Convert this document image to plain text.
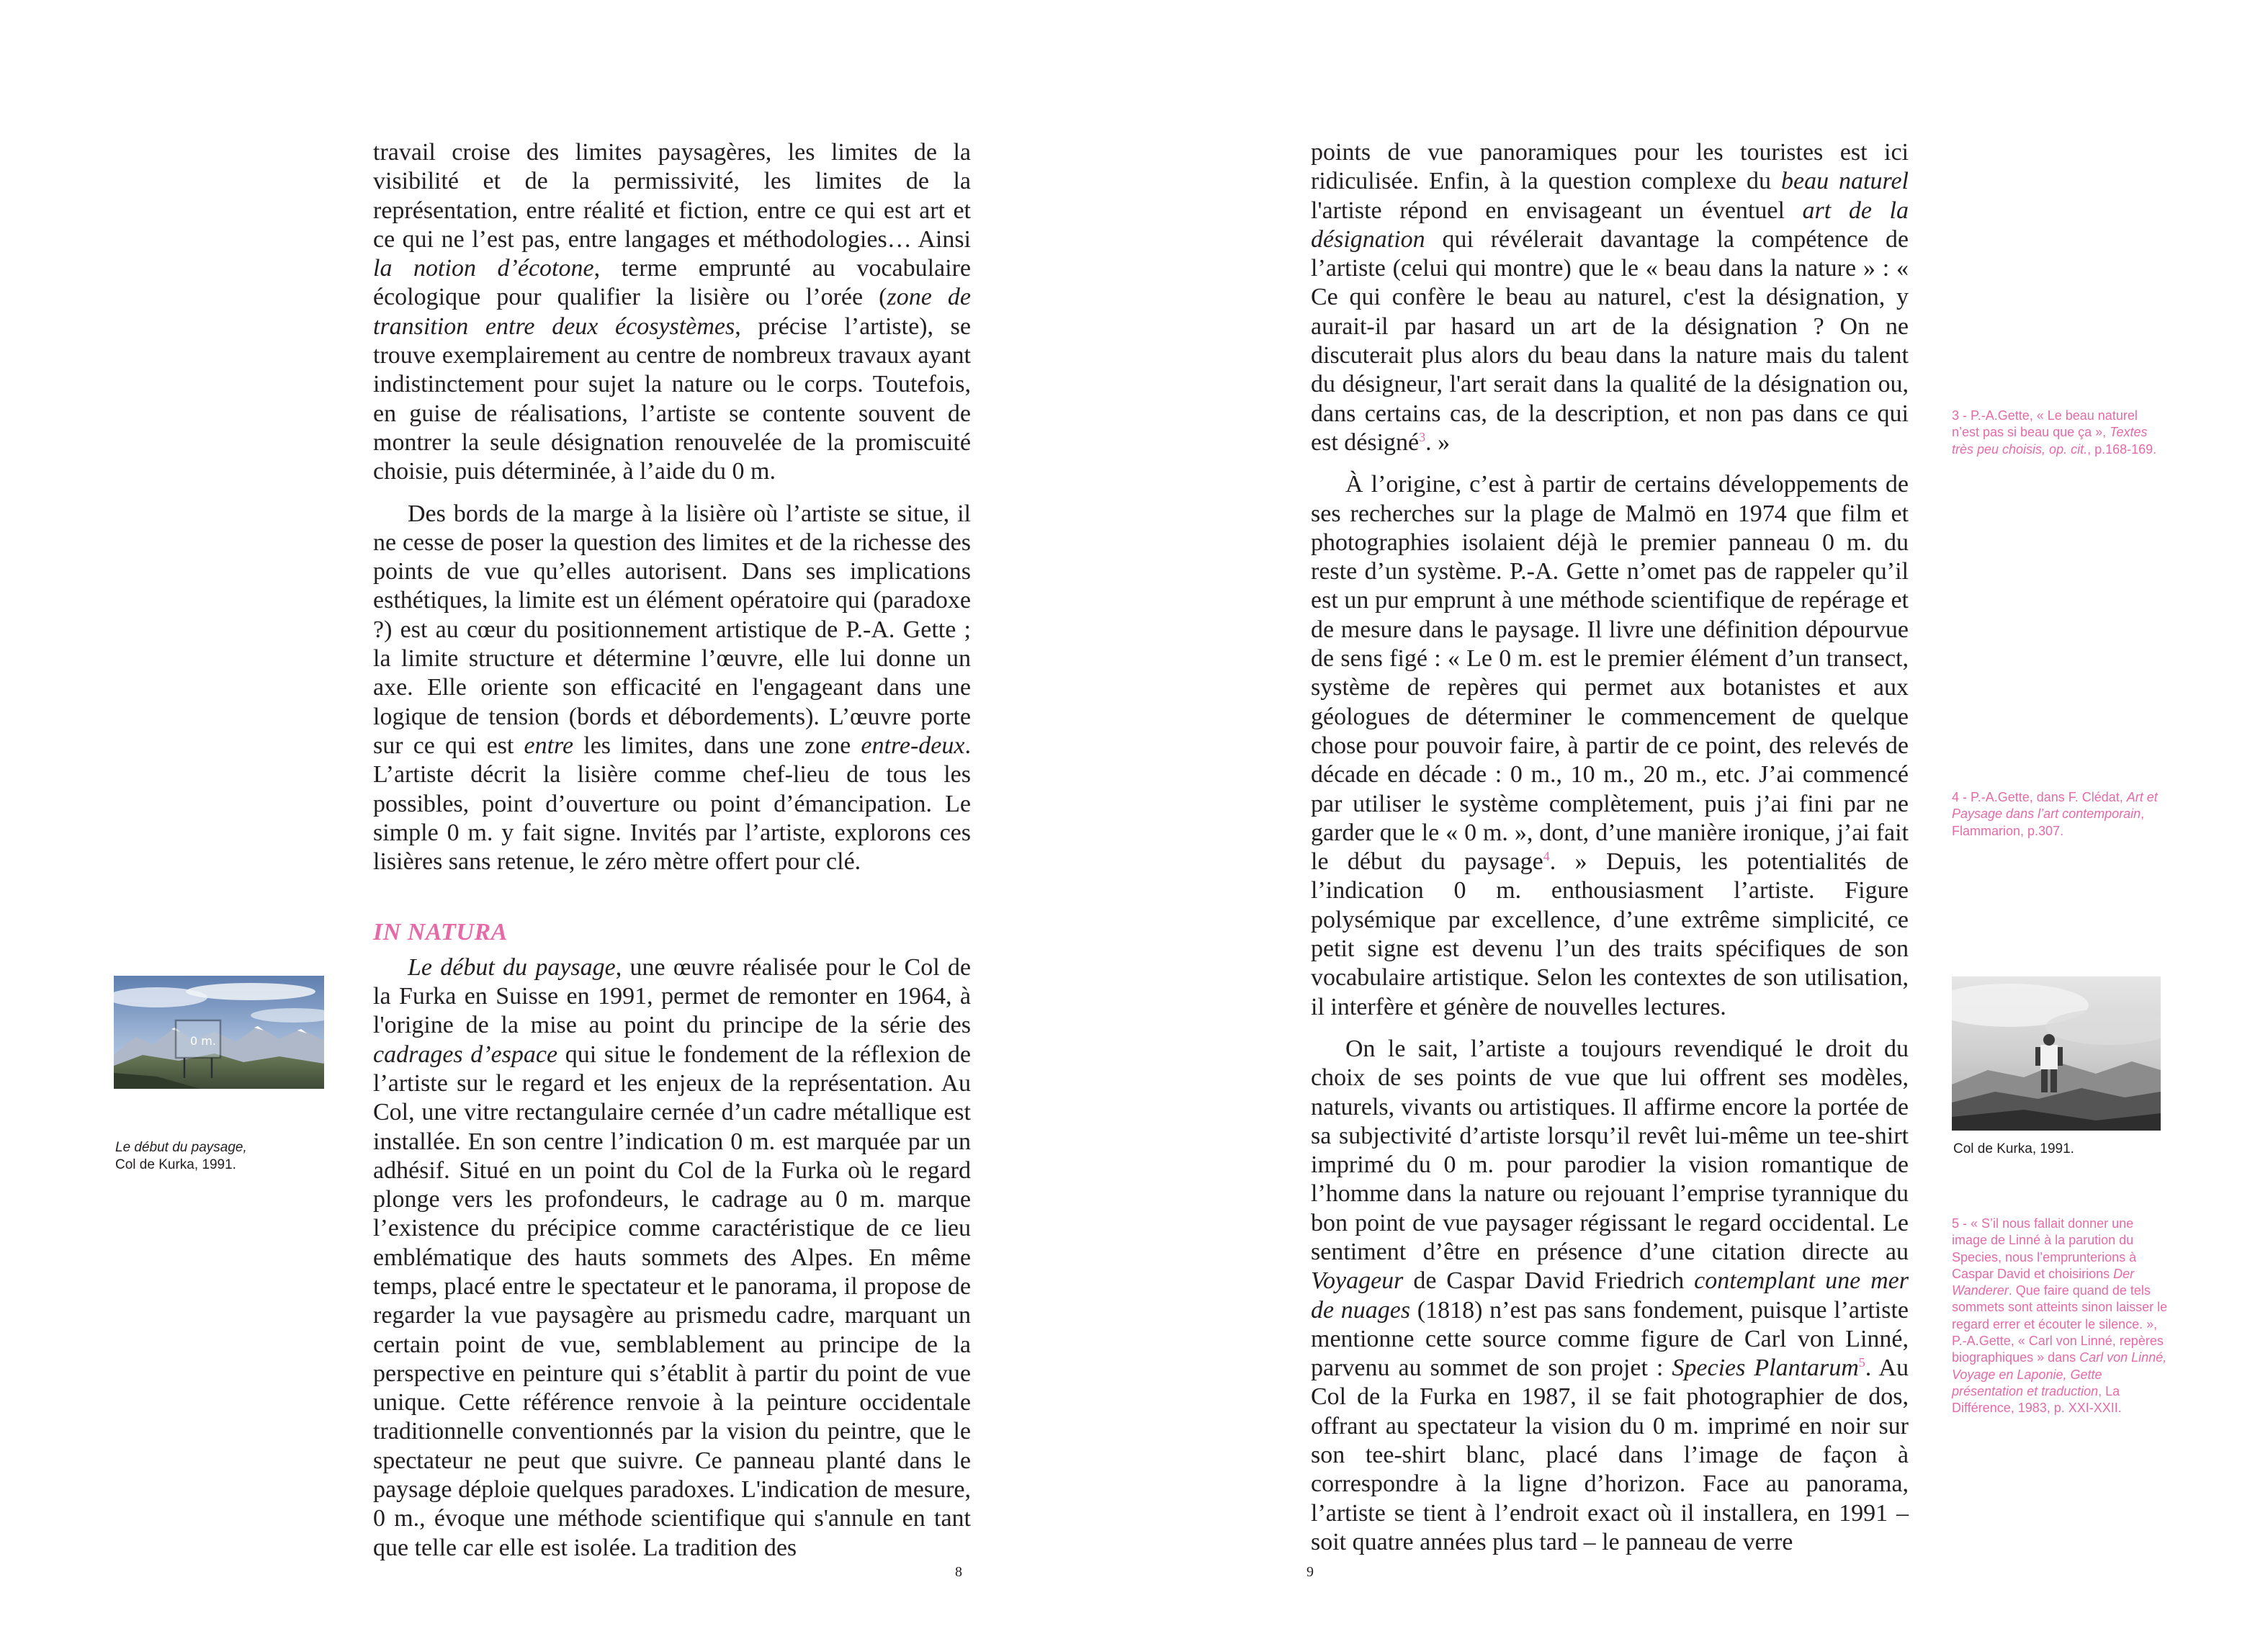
travail croise des limites paysagères, les limites de la visibilité et de la permissivité, les limites de la représentation, entre réalité et fiction, entre ce qui est art et ce qui ne l’est pas, entre langages et méthodologies… Ainsi la notion d’écotone, terme emprunté au vocabulaire écologique pour qualifier la lisière ou l’orée (zone de transition entre deux écosystèmes, précise l’artiste), se trouve exemplairement au centre de nombreux travaux ayant indistinctement pour sujet la nature ou le corps. Toutefois, en guise de réalisations, l’artiste se contente souvent de montrer la seule désignation renouvelée de la promiscuité choisie, puis déterminée, à l’aide du 0 m.

Des bords de la marge à la lisière où l’artiste se situe, il ne cesse de poser la question des limites et de la richesse des points de vue qu’elles autorisent. Dans ses implications esthétiques, la limite est un élément opératoire qui (paradoxe ?) est au cœur du positionnement artistique de P.-A. Gette ; la limite structure et détermine l’œuvre, elle lui donne un axe. Elle oriente son efficacité en l'engageant dans une logique de tension (bords et débordements). L’œuvre porte sur ce qui est entre les limites, dans une zone entre-deux. L’artiste décrit la lisière comme chef-lieu de tous les possibles, point d’ouverture ou point d’émancipation. Le simple 0 m. y fait signe. Invités par l’artiste, explorons ces lisières sans retenue, le zéro mètre offert pour clé.

IN NATURA

Le début du paysage, une œuvre réalisée pour le Col de la Furka en Suisse en 1991, permet de remonter en 1964, à l'origine de la mise au point du principe de la série des cadrages d’espace qui situe le fondement de la réflexion de l’artiste sur le regard et les enjeux de la représentation. Au Col, une vitre rectangulaire cernée d’un cadre métallique est installée. En son centre l’indication 0 m. est marquée par un adhésif. Situé en un point du Col de la Furka où le regard plonge vers les profondeurs, le cadrage au 0 m. marque l’existence du précipice comme caractéristique de ce lieu emblématique des hauts sommets des Alpes. En même temps, placé entre le spectateur et le panorama, il propose de regarder la vue paysagère au prismedu cadre, marquant un certain point de vue, semblablement au principe de la perspective en peinture qui s’établit à partir du point de vue unique. Cette référence renvoie à la peinture occidentale traditionnelle conventionnés par la vision du peintre, que le spectateur ne peut que suivre. Ce panneau planté dans le paysage déploie quelques paradoxes. L'indication de mesure, 0 m., évoque une méthode scientifique qui s'annule en tant que telle car elle est isolée. La tradition des

0 m.
Le début du paysage,
Col de Kurka, 1991.
8

points de vue panoramiques pour les touristes est ici ridiculisée. Enfin, à la question complexe du beau naturel l'artiste répond en envisageant un éventuel art de la désignation qui révélerait davantage la compétence de l’artiste (celui qui montre) que le « beau dans la nature » : « Ce qui confère le beau au naturel, c'est la désignation, y aurait-il par hasard un art de la désignation ? On ne discuterait plus alors du beau dans la nature mais du talent du désigneur, l'art serait dans la qualité de la désignation ou, dans certains cas, de la description, et non pas dans ce qui est désigné$^3$. »

À l’origine, c’est à partir de certains développements de ses recherches sur la plage de Malmö en 1974 que film et photographies isolaient déjà le premier panneau 0 m. du reste d’un système. P.-A. Gette n’omet pas de rappeler qu’il est un pur emprunt à une méthode scientifique de repérage et de mesure dans le paysage. Il livre une définition dépourvue de sens figé : « Le 0 m. est le premier élément d’un transect, système de repères qui permet aux botanistes et aux géologues de déterminer le commencement de quelque chose pour pouvoir faire, à partir de ce point, des relevés de décade en décade : 0 m., 10 m., 20 m., etc. J’ai commencé par utiliser le système complètement, puis j’ai fini par ne garder que le « 0 m. », dont, d’une manière ironique, j’ai fait le début du paysage$^4$. » Depuis, les potentialités de l’indication 0 m. enthousiasment l’artiste. Figure polysémique par excellence, d’une extrême simplicité, ce petit signe est devenu l’un des traits spécifiques de son vocabulaire artistique. Selon les contextes de son utilisation, il interfère et génère de nouvelles lectures.

On le sait, l’artiste a toujours revendiqué le droit du choix de ses points de vue que lui offrent ses modèles, naturels, vivants ou artistiques. Il affirme encore la portée de sa subjectivité d’artiste lorsqu’il revêt lui-même un tee-shirt imprimé du 0 m. pour parodier la vision romantique de l’homme dans la nature ou rejouant l’emprise tyrannique du bon point de vue paysager régissant le regard occidental. Le sentiment d’être en présence d’une citation directe au Voyageur de Caspar David Friedrich contemplant une mer de nuages (1818) n’est pas sans fondement, puisque l’artiste mentionne cette source comme figure de Carl von Linné, parvenu au sommet de son projet : Species Plantarum$^5$. Au Col de la Furka en 1987, il se fait photographier de dos, offrant au spectateur la vision du 0 m. imprimé en noir sur son tee-shirt blanc, placé dans l’image de façon à correspondre à la ligne d’horizon. Face au panorama, l’artiste se tient à l’endroit exact où il installera, en 1991 – soit quatre années plus tard – le panneau de verre

3 - P.-A.Gette, « Le beau naturel n’est pas si beau que ça », Textes très peu choisis, op. cit., p.168-169.
4 - P.-A.Gette, dans F. Clédat, Art et Paysage dans l’art contemporain, Flammarion, p.307.
Col de Kurka, 1991.
5 - « S’il nous fallait donner une image de Linné à la parution du Species, nous l’emprunterions à Caspar David et choisirions Der Wanderer. Que faire quand de tels sommets sont atteints sinon laisser le regard errer et écouter le silence. », P.-A.Gette, « Carl von Linné, repères biographiques » dans Carl von Linné, Voyage en Laponie, Gette présentation et traduction, La Différence, 1983, p. XXI-XXII.
9
